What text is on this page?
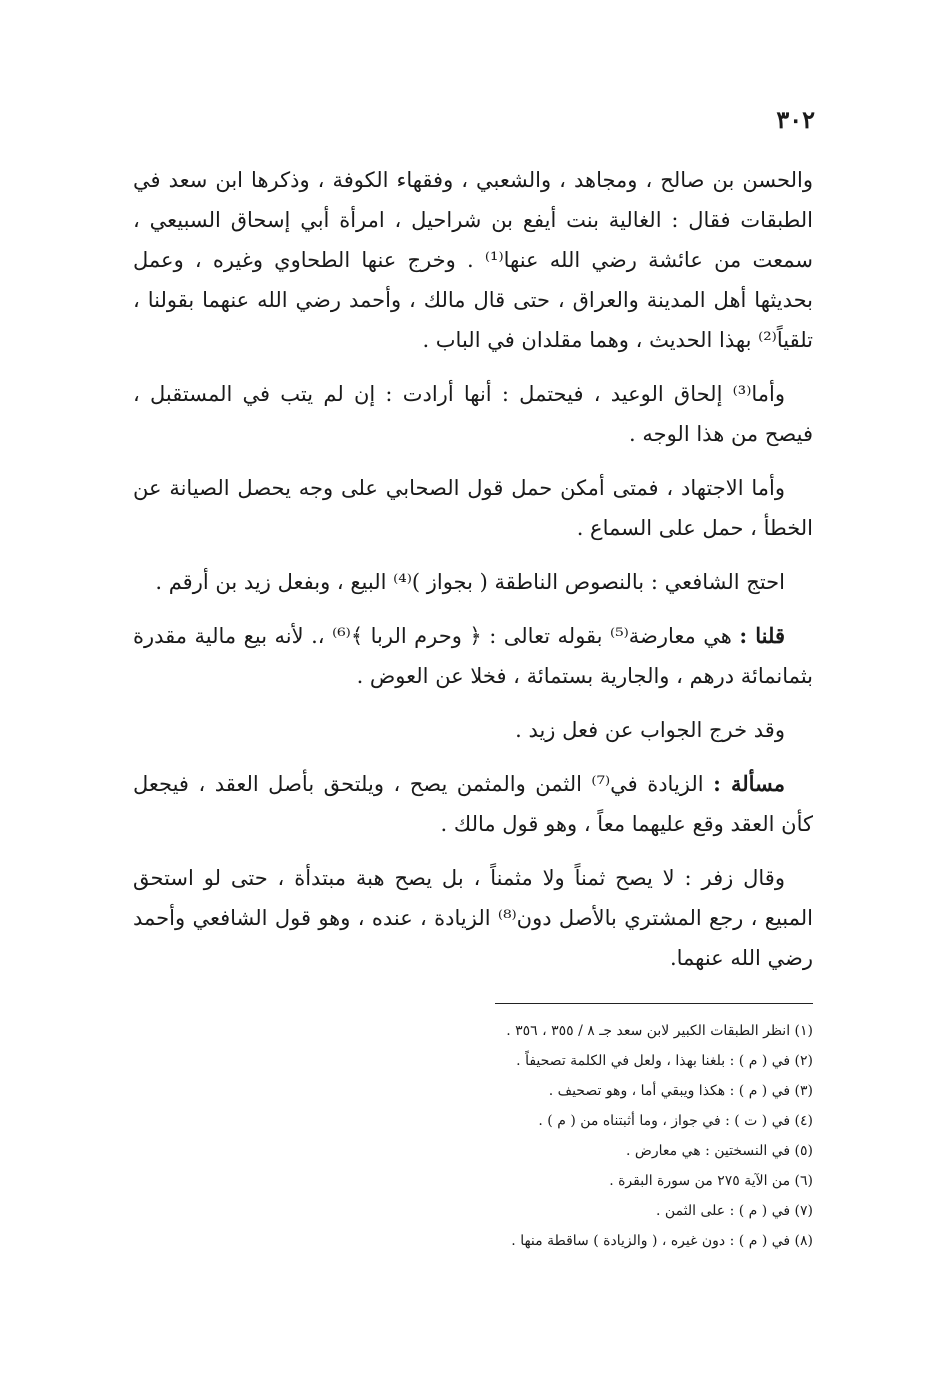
٣٠٢

والحسن بن صالح ، ومجاهد ، والشعبي ، وفقهاء الكوفة ، وذكرها ابن سعد في الطبقات فقال : الغالية بنت أيفع بن شراحيل ، امرأة أبي إسحاق السبيعي ، سمعت من عائشة رضي الله عنها⁽¹⁾ . وخرج عنها الطحاوي وغيره ، وعمل بحديثها أهل المدينة والعراق ، حتى قال مالك ، وأحمد رضي الله عنهما بقولنا ، تلقياً⁽²⁾ بهذا الحديث ، وهما مقلدان في الباب .

وأما⁽³⁾ إلحاق الوعيد ، فيحتمل : أنها أرادت : إن لم يتب في المستقبل ، فيصح من هذا الوجه .

وأما الاجتهاد ، فمتى أمكن حمل قول الصحابي على وجه يحصل الصيانة عن الخطأ ، حمل على السماع .

احتج الشافعي : بالنصوص الناطقة ( بجواز )⁽⁴⁾ البيع ، وبفعل زيد بن أرقم .

قلنا : هي معارضة⁽⁵⁾ بقوله تعالى : ﴿ وحرم الربا ﴾⁽⁶⁾ ،. لأنه بيع مالية مقدرة بثمانمائة درهم ، والجارية بستمائة ، فخلا عن العوض .

وقد خرج الجواب عن فعل زيد .

مسألة : الزيادة في⁽⁷⁾ الثمن والمثمن يصح ، ويلتحق بأصل العقد ، فيجعل كأن العقد وقع عليهما معاً ، وهو قول مالك .

وقال زفر : لا يصح ثمناً ولا مثمناً ، بل يصح هبة مبتدأة ، حتى لو استحق المبيع ، رجع المشتري بالأصل دون⁽⁸⁾ الزيادة ، عنده ، وهو قول الشافعي وأحمد رضي الله عنهما.

(١) انظر الطبقات الكبير لابن سعد جـ ٨ / ٣٥٥ ، ٣٥٦ .

(٢) في ( م ) : بلغنا بهذا ، ولعل في الكلمة تصحيفاً .

(٣) في ( م ) : هكذا ويبقي أما ، وهو تصحيف .

(٤) في ( ت ) : في جواز ، وما أثبتناه من ( م ) .

(٥) في النسختين : هي معارض .

(٦) من الآية ٢٧٥ من سورة البقرة .

(٧) في ( م ) : على الثمن .

(٨) في ( م ) : دون غيره ، ( والزيادة ) ساقطة منها .
